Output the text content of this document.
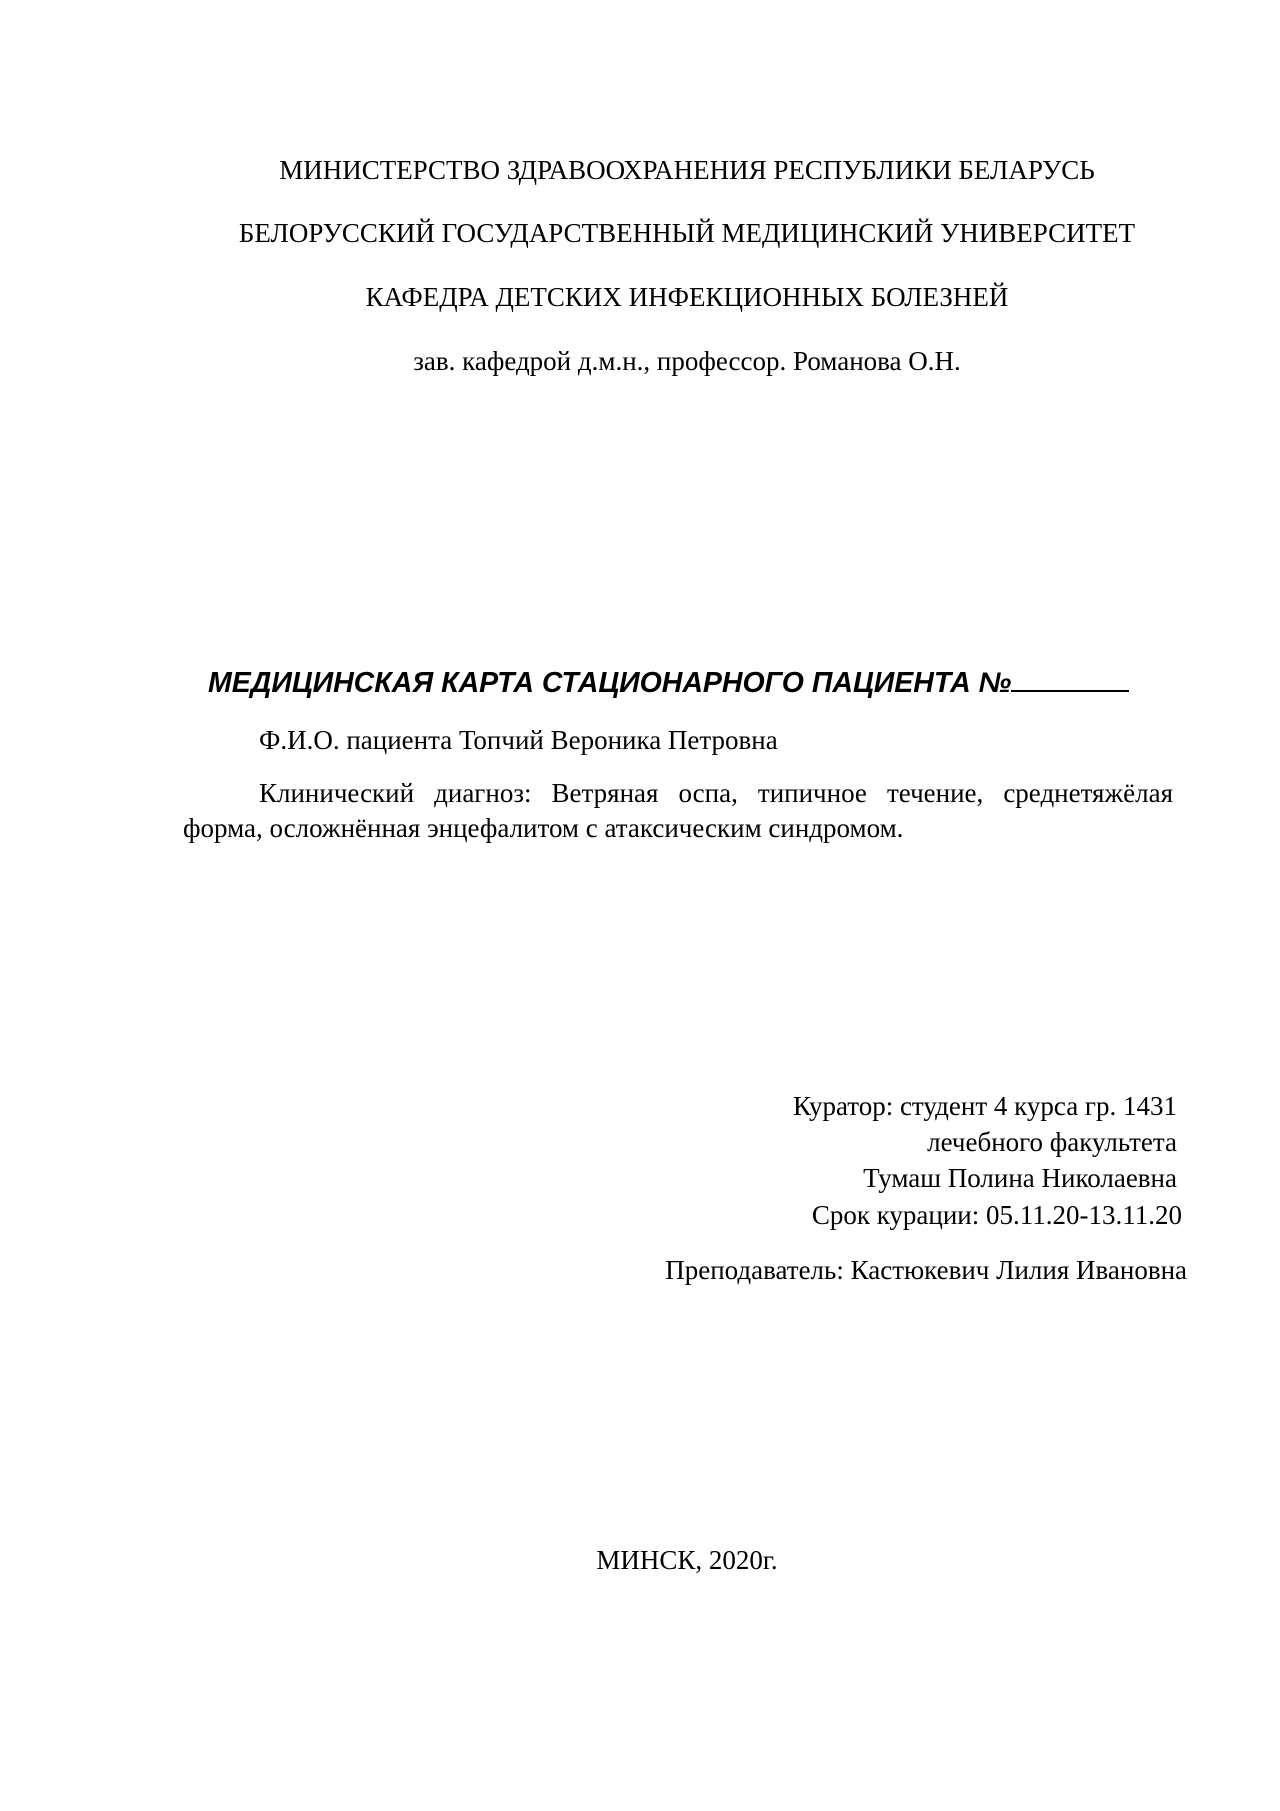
МИНИСТЕРСТВО ЗДРАВООХРАНЕНИЯ РЕСПУБЛИКИ БЕЛАРУСЬ
БЕЛОРУССКИЙ ГОСУДАРСТВЕННЫЙ МЕДИЦИНСКИЙ УНИВЕРСИТЕТ
КАФЕДРА ДЕТСКИХ ИНФЕКЦИОННЫХ БОЛЕЗНЕЙ
зав. кафедрой д.м.н., профессор. Романова О.Н.
МЕДИЦИНСКАЯ КАРТА СТАЦИОНАРНОГО ПАЦИЕНТА №
Ф.И.О. пациента Топчий Вероника Петровна
Клинический диагноз: Ветряная оспа, типичное течение, среднетяжёлая форма, осложнённая энцефалитом с атаксическим синдромом.
Куратор: студент 4 курса гр. 1431
лечебного факультета
Тумаш Полина Николаевна
Срок курации: 05.11.20-13.11.20
Преподаватель: Кастюкевич Лилия Ивановна
МИНСК, 2020г.
